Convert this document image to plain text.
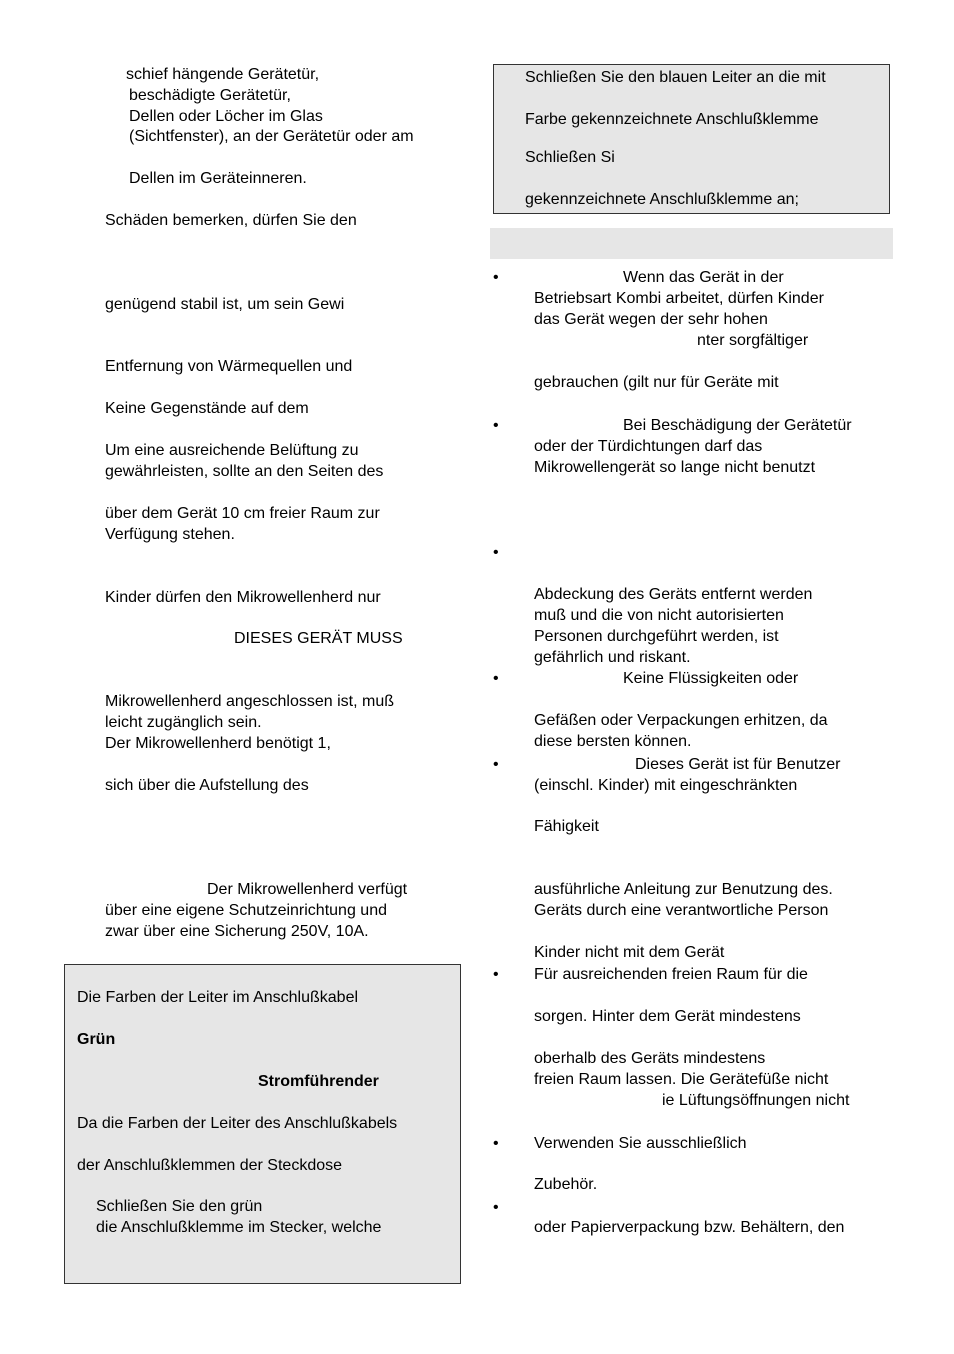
schief hängende Gerätetür,
beschädigte Gerätetür,
Dellen oder Löcher im Glas
(Sichtfenster), an der Gerätetür oder am
Dellen im Geräteinneren.
Schäden bemerken, dürfen Sie den
genügend stabil ist, um sein Gewi
Entfernung von Wärmequellen und
Keine Gegenstände auf dem
Um eine ausreichende Belüftung zu
gewährleisten, sollte an den Seiten des
über dem Gerät 10 cm freier Raum zur
Verfügung stehen.
Kinder dürfen den Mikrowellenherd nur
DIESES GERÄT MUSS
Mikrowellenherd angeschlossen ist, muß
leicht zugänglich sein.
Der Mikrowellenherd benötigt 1,
sich über die Aufstellung des
Der Mikrowellenherd verfügt
über eine eigene Schutzeinrichtung und
zwar über eine Sicherung 250V, 10A.
Die Farben der Leiter im Anschlußkabel
Grün
Stromführender
Da die Farben der Leiter des Anschlußkabels
der Anschlußklemmen der Steckdose
Schließen Sie den grün
die Anschlußklemme im Stecker, welche
Schließen Sie den blauen Leiter an die mit
Farbe gekennzeichnete Anschlußklemme
Schließen Si
gekennzeichnete Anschlußklemme an;
•
•
•
•
•
•
•
•
Wenn das Gerät in der
Betriebsart Kombi arbeitet, dürfen Kinder
das Gerät wegen der sehr hohen
nter sorgfältiger
gebrauchen (gilt nur für Geräte mit
Bei Beschädigung der Gerätetür
oder der Türdichtungen darf das
Mikrowellengerät so lange nicht benutzt
Abdeckung des Geräts entfernt werden
muß und die von nicht autorisierten
Personen durchgeführt werden, ist
gefährlich und riskant.
Keine Flüssigkeiten oder
Gefäßen oder Verpackungen erhitzen, da
diese bersten können.
Dieses Gerät ist für Benutzer
(einschl. Kinder) mit eingeschränkten
Fähigkeit
ausführliche Anleitung zur Benutzung des.
Geräts durch eine verantwortliche Person
Kinder nicht mit dem Gerät
Für ausreichenden freien Raum für die
sorgen. Hinter dem Gerät mindestens
oberhalb des Geräts mindestens
freien Raum lassen. Die Gerätefüße nicht
ie Lüftungsöffnungen nicht
Verwenden Sie ausschließlich
Zubehör.
oder Papierverpackung bzw. Behältern, den
